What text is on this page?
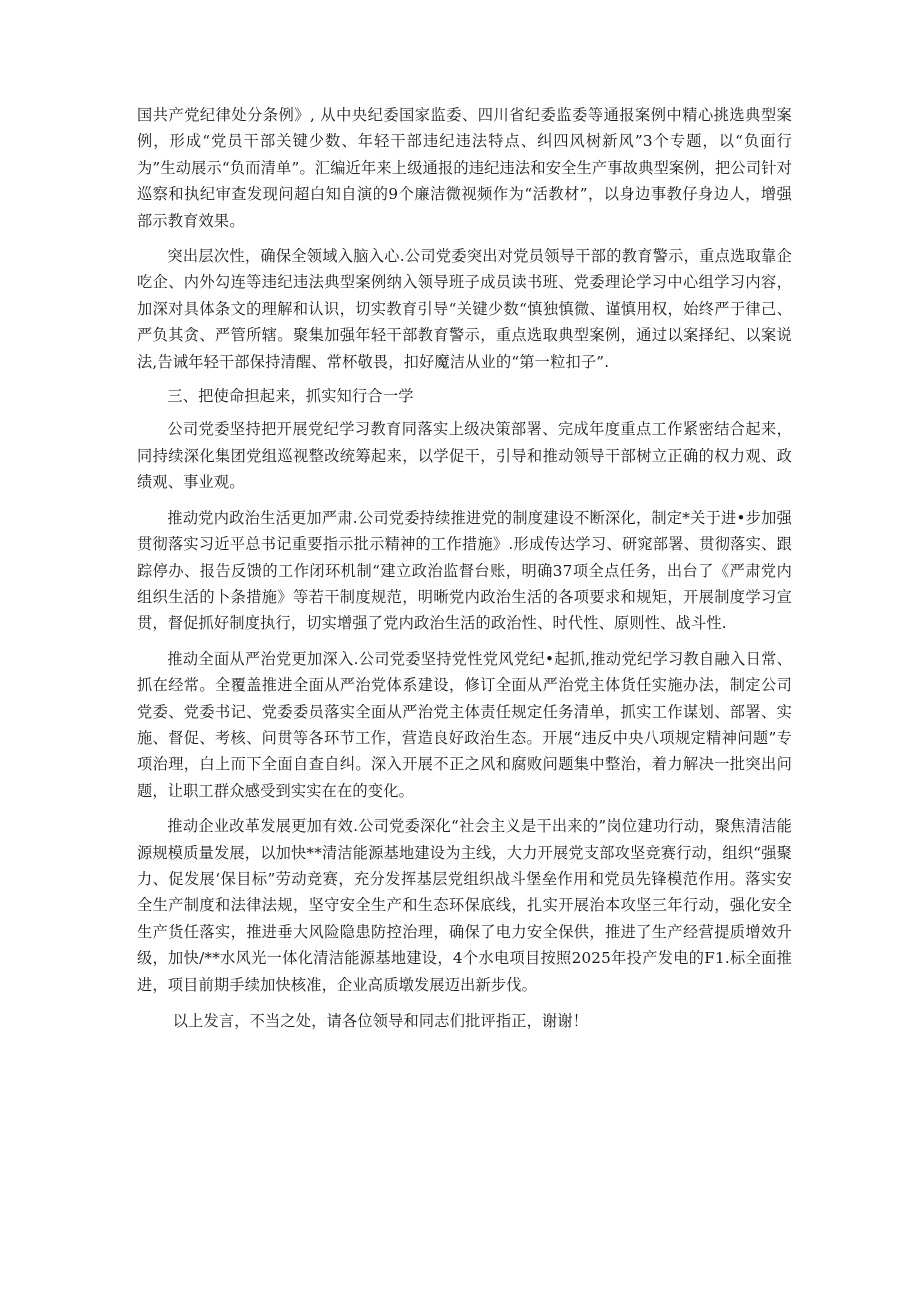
国共产党纪律处分条例》, 从中央纪委国家监委、四川省纪委监委等通报案例中精心挑选典型案例，形成“党员干部关键少数、年轻干部违纪违法特点、纠四风树新风”3个专题，以“负面行为”生动展示“负而清单”。汇编近年来上级通报的违纪违法和安全生产事故典型案例，把公司针对巡察和执纪审查发现问超白知自演的9个廉洁微视频作为“活教材”，以身边事教仔身边人，增强部示教育效果。

突出层次性，确保全领域入脑入心.公司党委突出对党员领导干部的教育警示，重点选取靠企吃企、内外勾连等违纪违法典型案例纳入领导班子成员读书班、党委理论学习中心组学习内容，加深对具体条文的理解和认识，切实教育引导“关键少数“慎独慎微、谨慎用权，始终严于律己、严负其贪、严管所辖。聚集加强年轻干部教育警示，重点选取典型案例，通过以案择纪、以案说法,告诫年轻干部保持清醒、常杯敬畏，扣好魔洁从业的“第一粒扣子”.

三、把使命担起来，抓实知行合一学

公司党委坚持把开展党纪学习教育同落实上级决策部署、完成年度重点工作紧密结合起来，同持续深化集团党组巡视整改统筹起来，以学促干，引导和推动领导干部树立正确的权力观、政绩观、事业观。

推动党内政治生活更加严肃.公司党委持续推进党的制度建设不断深化，制定*关于进•步加强贯彻落实习近平总书记重要指示批示精神的工作措施》.形成传达学习、研窕部署、贯彻落实、跟踪停办、报告反馈的工作闭环机制“建立政治监督台账，明确37项全点任务，出台了《严肃党内组织生活的卜条措施》等若干制度规范，明晰党内政治生活的各项要求和规矩，开展制度学习宣贯，督促抓好制度执行，切实增强了党内政治生活的政治性、时代性、原则性、战斗性.

推动全面从严治党更加深入.公司党委坚持党性党风党纪•起抓,推动党纪学习教自融入日常、抓在经常。全覆盖推进全面从严治党体系建设，修订全面从严治党主体货任实施办法，制定公司党委、党委书记、党委委员落实全面从严治党主体责任规定任务清单，抓实工作谋划、部署、实施、督促、考核、问贯等各环节工作，营造良好政治生态。开展“违反中央八项规定精神问题”专项治理，白上而下全面自查自纠。深入开展不正之风和腐败问题集中整治，着力解决一批突出问题，让职工群众感受到实实在在的变化。

推动企业改革发展更加有效.公司党委深化“社会主义是干出来的”岗位建功行动，聚焦清洁能源规模质量发展，以加快**清洁能源基地建设为主线，大力开展党支部攻坚竞赛行动，组织“强聚力、促发展‘保目标”劳动竞赛，充分发挥基层党组织战斗堡垒作用和党员先锋模范作用。落实安全生产制度和法律法规，坚守安全生产和生态环保底线，扎实开展治本攻坚三年行动，强化安全生产货任落实，推进垂大风险隐患防控治理，确保了电力安全保供，推进了生产经营提质增效升级，加快/**水风光一体化清洁能源基地建设，4个水电项目按照2025年投产发电的F1.标全面推进，项目前期手续加快核准，企业高质墩发展迈出新步伐。

以上发言，不当之处，请各位领导和同志们批评指正，谢谢！
